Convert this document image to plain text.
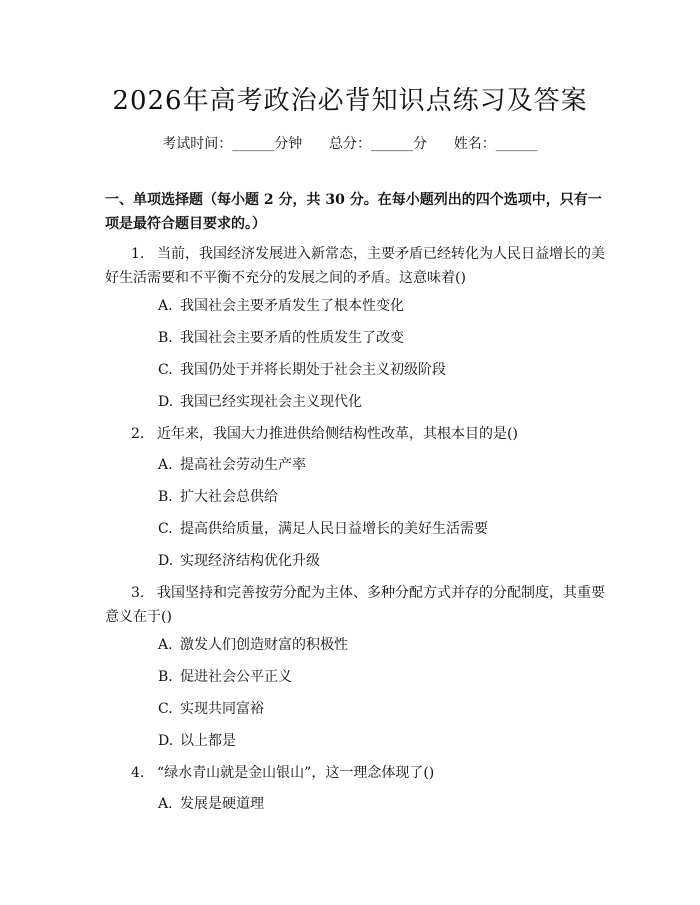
2026年高考政治必背知识点练习及答案
考试时间：______分钟 总分：______分 姓名：______

一、单项选择题（每小题 2 分，共 30 分。在每小题列出的四个选项中，只有一项是最符合题目要求的。）

1. 当前，我国经济发展进入新常态，主要矛盾已经转化为人民日益增长的美好生活需要和不平衡不充分的发展之间的矛盾。这意味着()

A. 我国社会主要矛盾发生了根本性变化

B. 我国社会主要矛盾的性质发生了改变

C. 我国仍处于并将长期处于社会主义初级阶段

D. 我国已经实现社会主义现代化

2. 近年来，我国大力推进供给侧结构性改革，其根本目的是()

A. 提高社会劳动生产率

B. 扩大社会总供给

C. 提高供给质量，满足人民日益增长的美好生活需要

D. 实现经济结构优化升级

3. 我国坚持和完善按劳分配为主体、多种分配方式并存的分配制度，其重要意义在于()

A. 激发人们创造财富的积极性

B. 促进社会公平正义

C. 实现共同富裕

D. 以上都是

4. “绿水青山就是金山银山”，这一理念体现了()

A. 发展是硬道理
